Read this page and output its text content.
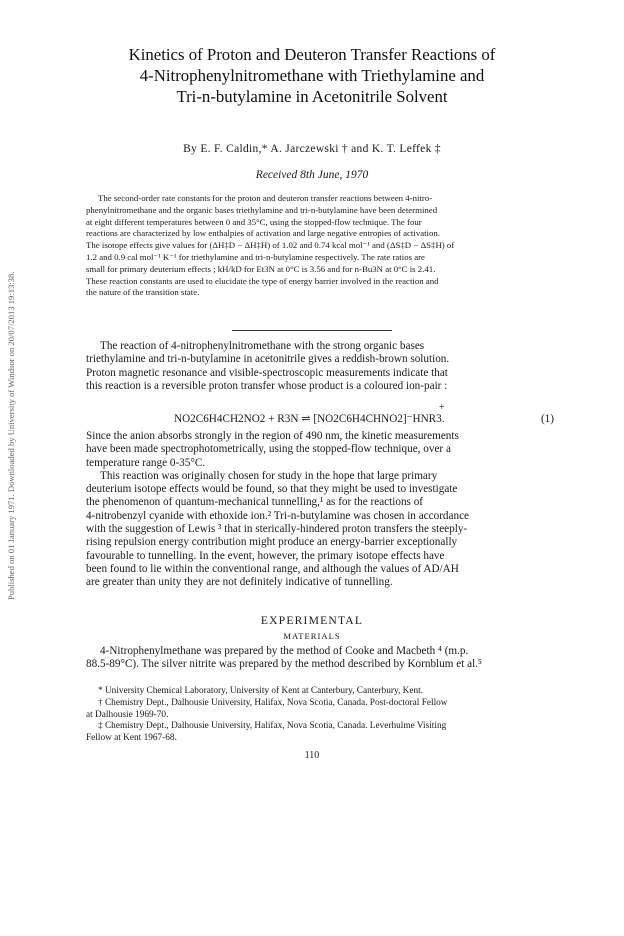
Published on 01 January 1971. Downloaded by University of Windsor on 20/07/2013 19:13:38.
Kinetics of Proton and Deuteron Transfer Reactions of
4-Nitrophenylnitromethane with Triethylamine and
Tri-n-butylamine in Acetonitrile Solvent
By E. F. Caldin,* A. Jarczewski † and K. T. Leffek ‡
Received 8th June, 1970
The second-order rate constants for the proton and deuteron transfer reactions between 4-nitro-
phenylnitromethane and the organic bases triethylamine and tri-n-butylamine have been determined
at eight different temperatures between 0 and 35°C, using the stopped-flow technique. The four
reactions are characterized by low enthalpies of activation and large negative entropies of activation.
The isotope effects give values for (ΔH‡D − ΔH‡H) of 1.02 and 0.74 kcal mol⁻¹ and (ΔS‡D − ΔS‡H) of
1.2 and 0.9 cal mol⁻¹ K⁻¹ for triethylamine and tri-n-butylamine respectively. The rate ratios are
small for primary deuterium effects ; kH/kD for Et3N at 0°C is 3.56 and for n-Bu3N at 0°C is 2.41.
These reaction constants are used to elucidate the type of energy barrier involved in the reaction and
the nature of the transition state.
The reaction of 4-nitrophenylnitromethane with the strong organic bases
triethylamine and tri-n-butylamine in acetonitrile gives a reddish-brown solution.
Proton magnetic resonance and visible-spectroscopic measurements indicate that
this reaction is a reversible proton transfer whose product is a coloured ion-pair :
+
NO2C6H4CH2NO2 + R3N ⇌ [NO2C6H4CHNO2]⁻HNR3.	(1)
Since the anion absorbs strongly in the region of 490 nm, the kinetic measurements
have been made spectrophotometrically, using the stopped-flow technique, over a
temperature range 0-35°C.
This reaction was originally chosen for study in the hope that large primary
deuterium isotope effects would be found, so that they might be used to investigate
the phenomenon of quantum-mechanical tunnelling,¹ as for the reactions of
4-nitrobenzyl cyanide with ethoxide ion.² Tri-n-butylamine was chosen in accordance
with the suggestion of Lewis ³ that in sterically-hindered proton transfers the steeply-
rising repulsion energy contribution might produce an energy-barrier exceptionally
favourable to tunnelling. In the event, however, the primary isotope effects have
been found to lie within the conventional range, and although the values of AD/AH
are greater than unity they are not definitely indicative of tunnelling.
EXPERIMENTAL
MATERIALS
4-Nitrophenylmethane was prepared by the method of Cooke and Macbeth ⁴ (m.p.
88.5-89°C). The silver nitrite was prepared by the method described by Kornblum et al.⁵
* University Chemical Laboratory, University of Kent at Canterbury, Canterbury, Kent.
† Chemistry Dept., Dalhousie University, Halifax, Nova Scotia, Canada. Post-doctoral Fellow
at Dalhousie 1969-70.
‡ Chemistry Dept., Dalhousie University, Halifax, Nova Scotia, Canada. Leverhulme Visiting
Fellow at Kent 1967-68.
110
